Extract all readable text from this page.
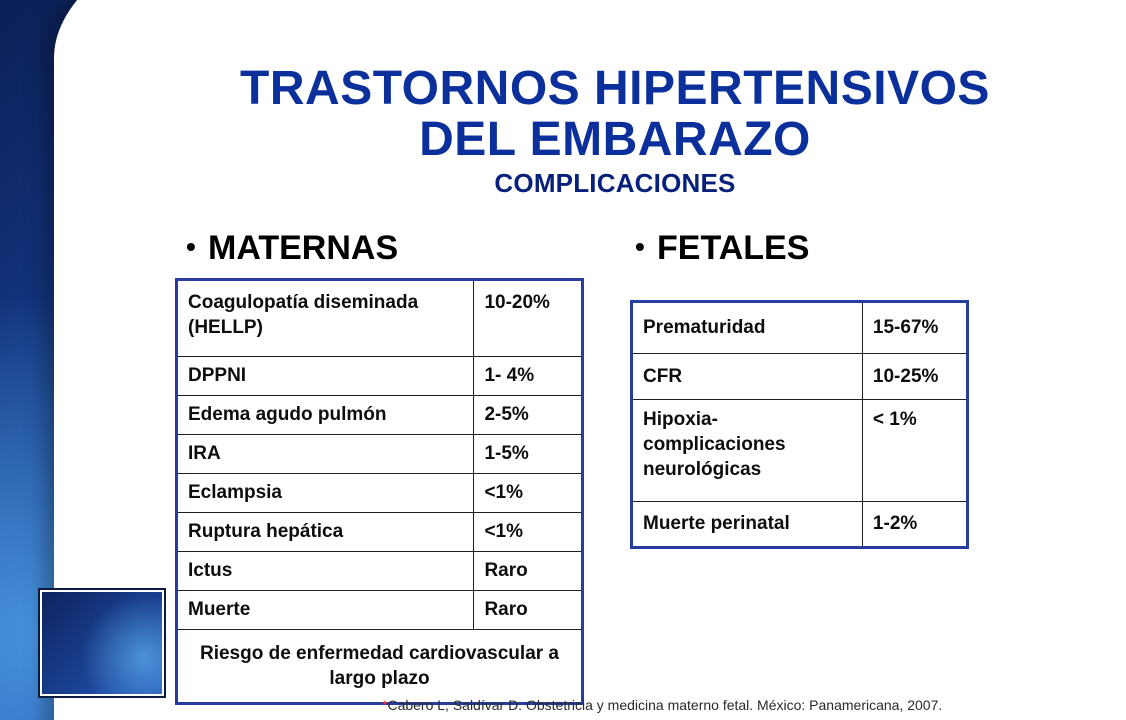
TRASTORNOS HIPERTENSIVOS
DEL EMBARAZO
COMPLICACIONES
• MATERNAS	• FETALES
Coagulopatía diseminada (HELLP)	10-20%
DPPNI	1- 4%
Edema agudo pulmón	2-5%
IRA	1-5%
Eclampsia	<1%
Ruptura hepática	<1%
Ictus	Raro
Muerte	Raro
Riesgo de enfermedad cardiovascular a largo plazo	
Prematuridad	15-67%
CFR	10-25%
Hipoxia-complicaciones neurológicas	< 1%
Muerte perinatal	1-2%

*Cabero L, Saldívar D. Obstetricia y medicina materno fetal. México: Panamericana, 2007.
